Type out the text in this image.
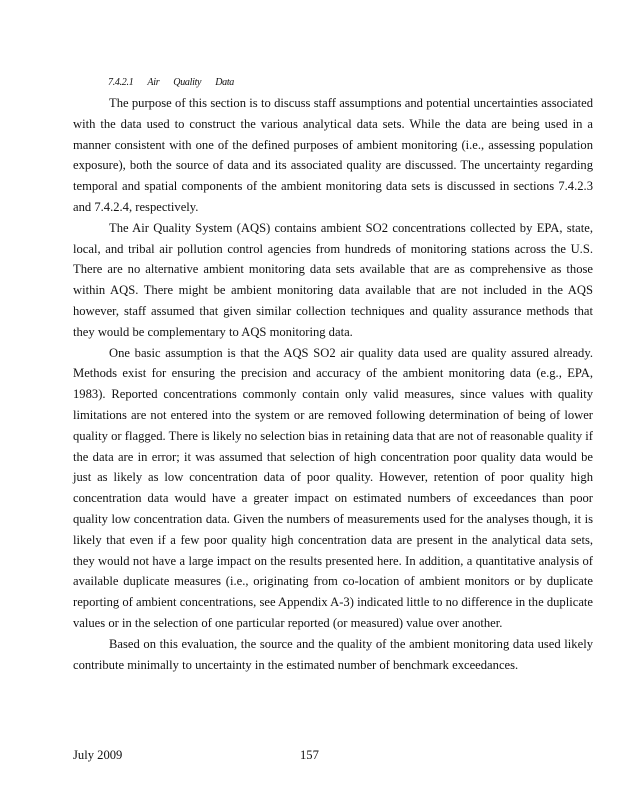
7.4.2.1 Air Quality Data

The purpose of this section is to discuss staff assumptions and potential uncertainties associated with the data used to construct the various analytical data sets. While the data are being used in a manner consistent with one of the defined purposes of ambient monitoring (i.e., assessing population exposure), both the source of data and its associated quality are discussed. The uncertainty regarding temporal and spatial components of the ambient monitoring data sets is discussed in sections 7.4.2.3 and 7.4.2.4, respectively.

The Air Quality System (AQS) contains ambient SO2 concentrations collected by EPA, state, local, and tribal air pollution control agencies from hundreds of monitoring stations across the U.S. There are no alternative ambient monitoring data sets available that are as comprehensive as those within AQS. There might be ambient monitoring data available that are not included in the AQS however, staff assumed that given similar collection techniques and quality assurance methods that they would be complementary to AQS monitoring data.

One basic assumption is that the AQS SO2 air quality data used are quality assured already. Methods exist for ensuring the precision and accuracy of the ambient monitoring data (e.g., EPA, 1983). Reported concentrations commonly contain only valid measures, since values with quality limitations are not entered into the system or are removed following determination of being of lower quality or flagged. There is likely no selection bias in retaining data that are not of reasonable quality if the data are in error; it was assumed that selection of high concentration poor quality data would be just as likely as low concentration data of poor quality. However, retention of poor quality high concentration data would have a greater impact on estimated numbers of exceedances than poor quality low concentration data. Given the numbers of measurements used for the analyses though, it is likely that even if a few poor quality high concentration data are present in the analytical data sets, they would not have a large impact on the results presented here. In addition, a quantitative analysis of available duplicate measures (i.e., originating from co-location of ambient monitors or by duplicate reporting of ambient concentrations, see Appendix A-3) indicated little to no difference in the duplicate values or in the selection of one particular reported (or measured) value over another.

Based on this evaluation, the source and the quality of the ambient monitoring data used likely contribute minimally to uncertainty in the estimated number of benchmark exceedances.

July 2009	157
